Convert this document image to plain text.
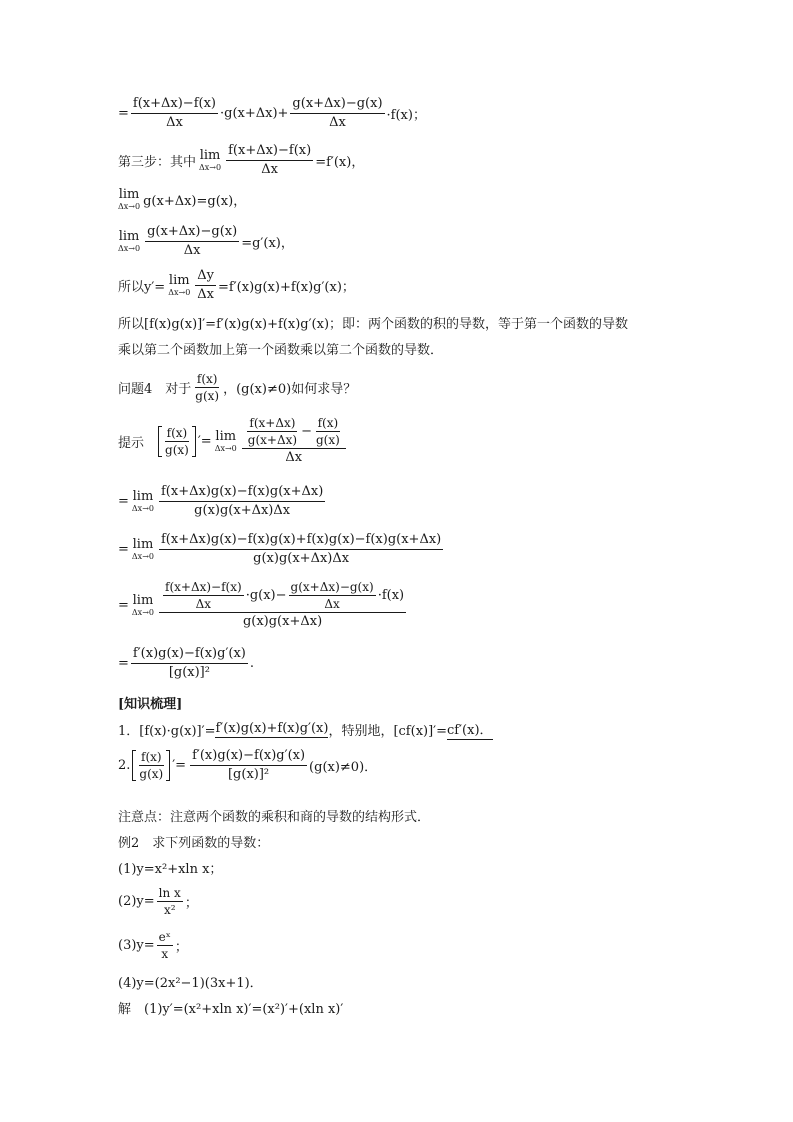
= $\frac{f(x+\Delta x)-f(x)}{\Delta x} \cdot g(x+\Delta x)+ \frac{g(x+\Delta x)-g(x)}{\Delta x} \cdot f(x)$；
第三步：其中 lim
$\Delta x\to 0 \frac{f(x+\Delta x)-f(x)}{\Delta x} =f'(x)$，
lim
Δx→0 g(x+Δx)=g(x)，
lim
$\Delta x\to 0 \frac{g(x+\Delta x)-g(x)}{\Delta x} =g'(x)$，
所以y′= lim
$\Delta x\to 0 \frac{\Delta y}{\Delta x} =f'(x)g(x)+f(x)g'(x)$；
所以[f(x)g(x)]′=f′(x)g(x)+f(x)g′(x)；即：两个函数的积的导数，等于第一个函数的导数
乘以第二个函数加上第一个函数乘以第二个函数的导数．
问题4　对于 $\frac{f(x)}{g(x)}$ ，(g(x)≠0)如何求导？
提示 $\frac{f(x)}{g(x)}$ ′= lim
Δx→0
$\frac{f(x+\Delta x)}{g(x+\Delta x)} - \frac{f(x)}{g(x)}$
Δx
= lim
$\Delta x\to 0 \frac{f(x+\Delta x)g(x)-f(x)g(x+\Delta x)}{g(x)g(x+\Delta x)\Delta x}$
= lim
$\Delta x\to 0 \frac{f(x+\Delta x)g(x)-f(x)g(x)+f(x)g(x)-f(x)g(x+\Delta x)}{g(x)g(x+\Delta x)\Delta x}$
= lim
Δx→0
$\frac{f(x+\Delta x)-f(x)}{\Delta x} \cdot g(x)- \frac{g(x+\Delta x)-g(x)}{\Delta x} \cdot f(x)$
g(x)g(x+Δx)
= $\frac{f'(x)g(x)-f(x)g'(x)}{\text{[g(x)]²}}$ .
[知识梳理]
1．[f(x)·g(x)]′= f′(x)g(x)+f(x)g′(x) ，特别地，[cf(x)]′= cf′(x)．
2. $\frac{f(x)}{g(x)}$ ′= $\frac{f'(x)g(x)-f(x)g'(x)}{\text{[g(x)]²}} (g(x)\ne 0)$．
注意点：注意两个函数的乘积和商的导数的结构形式．
例2　求下列函数的导数：
(1)y=x²+xln x；
$(2)y= \frac{\text{ln x}}{\text{x²}}$ ；
$(3)y= \frac{\text{eˣ}}{x}$ ；
(4)y=(2x²−1)(3x+1)．
解　(1)y′=(x²+xln x)′=(x²)′+(xln x)′
